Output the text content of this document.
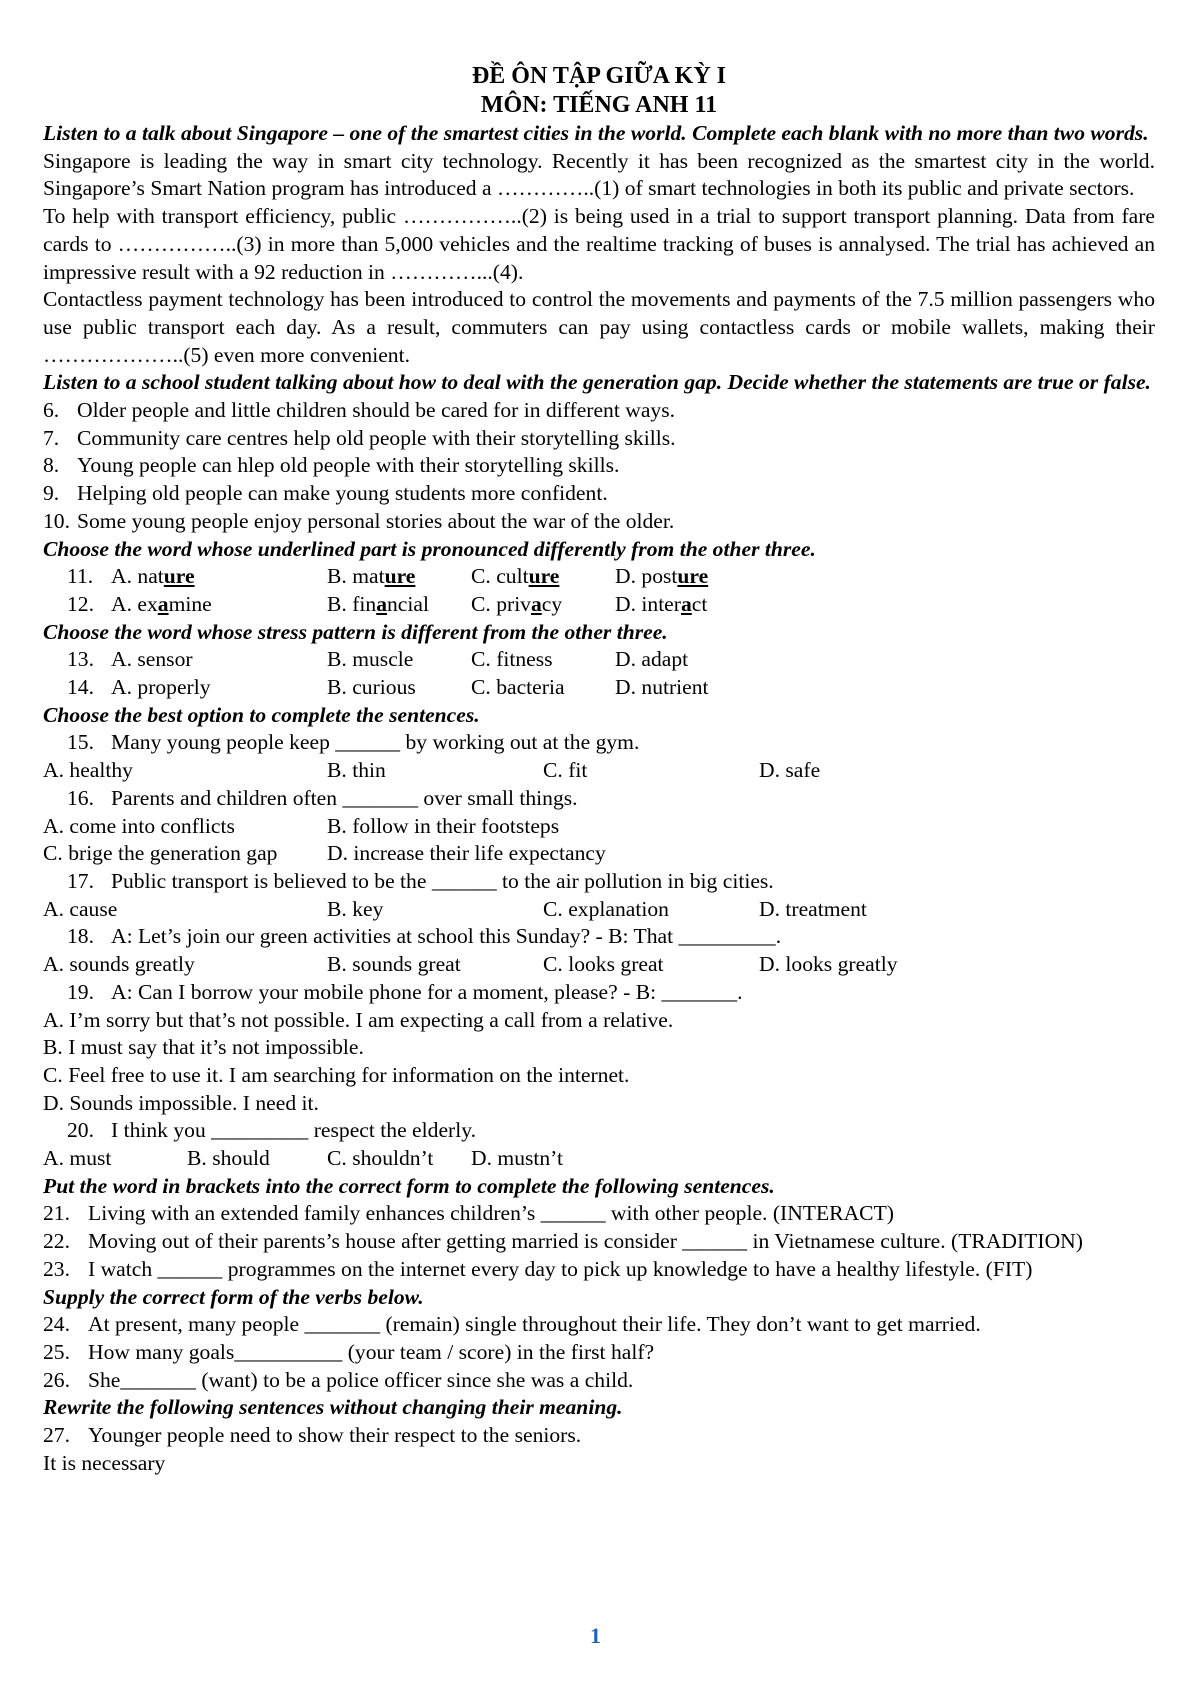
ĐỀ ÔN TẬP GIỮA KỲ I
MÔN: TIẾNG ANH 11
Listen to a talk about Singapore – one of the smartest cities in the world. Complete each blank with no more than two words.
Singapore is leading the way in smart city technology. Recently it has been recognized as the smartest city in the world. Singapore’s Smart Nation program has introduced a …………..(1) of smart technologies in both its public and private sectors.
To help with transport efficiency, public ……………..(2) is being used in a trial to support transport planning. Data from fare cards to ……………..(3) in more than 5,000 vehicles and the realtime tracking of buses is annalysed. The trial has achieved an impressive result with a 92 reduction in …………...(4).
Contactless payment technology has been introduced to control the movements and payments of the 7.5 million passengers who use public transport each day. As a result, commuters can pay using contactless cards or mobile wallets, making their ………………..(5) even more convenient.
Listen to a school student talking about how to deal with the generation gap. Decide whether the statements are true or false.
6. Older people and little children should be cared for in different ways.
7. Community care centres help old people with their storytelling skills.
8. Young people can hlep old people with their storytelling skills.
9. Helping old people can make young students more confident.
10. Some young people enjoy personal stories about the war of the older.
Choose the word whose underlined part is pronounced differently from the other three.
11. A. nature	B. mature	C. culture	D. posture
12. A. examine	B. financial	C. privacy	D. interact
Choose the word whose stress pattern is different from the other three.
13. A. sensor	B. muscle	C. fitness	D. adapt
14. A. properly	B. curious	C. bacteria	D. nutrient
Choose the best option to complete the sentences.
15. Many young people keep ______ by working out at the gym.
A. healthy	B. thin	C. fit	D. safe
16. Parents and children often _______ over small things.
A. come into conflicts	B. follow in their footsteps
C. brige the generation gap	D. increase their life expectancy
17. Public transport is believed to be the ______ to the air pollution in big cities.
A. cause	B. key	C. explanation	D. treatment
18. A: Let’s join our green activities at school this Sunday? - B: That _________.
A. sounds greatly	B. sounds great	C. looks great	D. looks greatly
19. A: Can I borrow your mobile phone for a moment, please? - B: _______.
A. I’m sorry but that’s not possible. I am expecting a call from a relative.
B. I must say that it’s not impossible.
C. Feel free to use it. I am searching for information on the internet.
D. Sounds impossible. I need it.
20. I think you _________ respect the elderly.
A. must	B. should	C. shouldn’t	D. mustn’t
Put the word in brackets into the correct form to complete the following sentences.
21. Living with an extended family enhances children’s ______ with other people. (INTERACT)
22. Moving out of their parents’s house after getting married is consider ______ in Vietnamese culture. (TRADITION)
23. I watch ______ programmes on the internet every day to pick up knowledge to have a healthy lifestyle. (FIT)
Supply the correct form of the verbs below.
24. At present, many people _______ (remain) single throughout their life. They don’t want to get married.
25. How many goals__________ (your team / score) in the first half?
26. She_______ (want) to be a police officer since she was a child.
Rewrite the following sentences without changing their meaning.
27. Younger people need to show their respect to the seniors.
It is necessary
1
